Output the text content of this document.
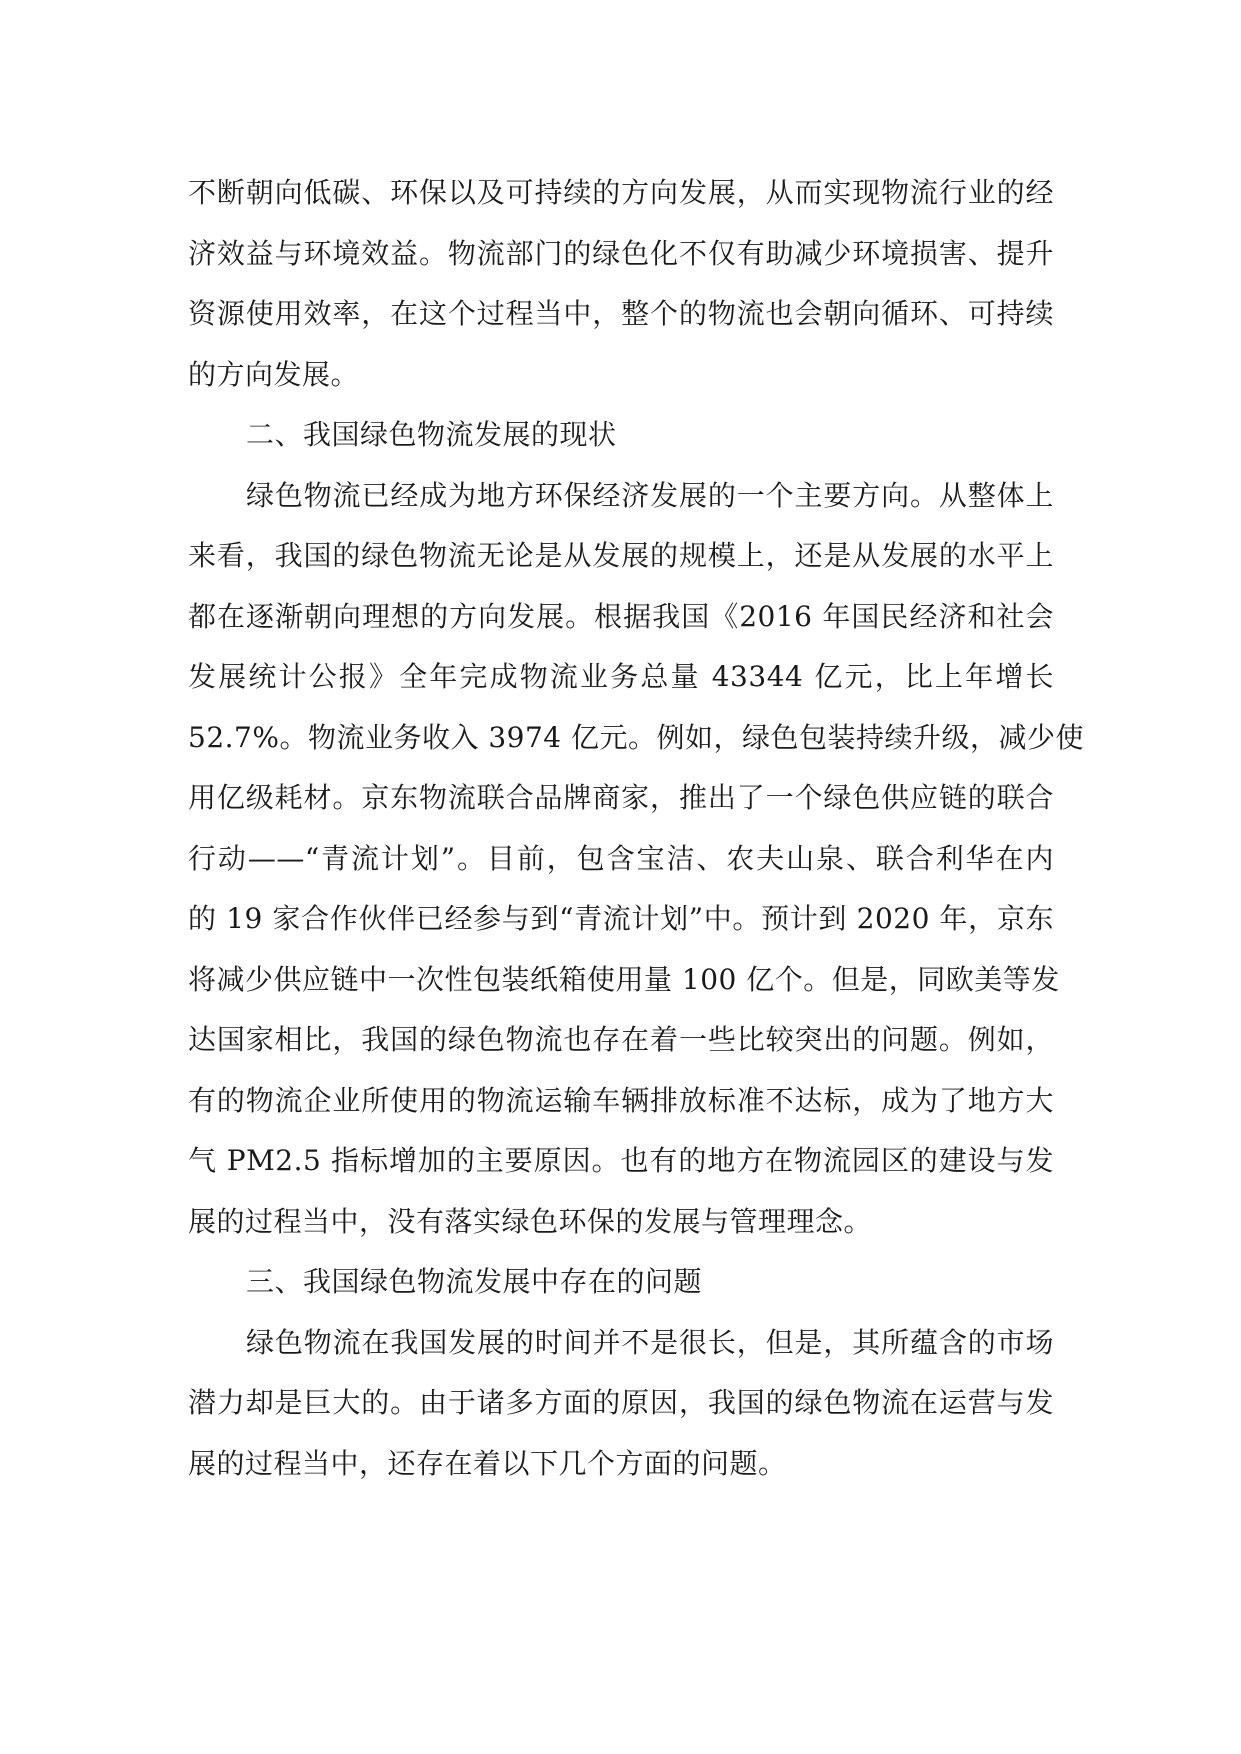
不断朝向低碳、环保以及可持续的方向发展，从而实现物流行业的经
济效益与环境效益。物流部门的绿色化不仅有助减少环境损害、提升
资源使用效率，在这个过程当中，整个的物流也会朝向循环、可持续
的方向发展。
二、我国绿色物流发展的现状
绿色物流已经成为地方环保经济发展的一个主要方向。从整体上
来看，我国的绿色物流无论是从发展的规模上，还是从发展的水平上
都在逐渐朝向理想的方向发展。根据我国《2016 年国民经济和社会
发展统计公报》全年完成物流业务总量 43344 亿元，比上年增长
52.7%。物流业务收入 3974 亿元。例如，绿色包装持续升级，减少使
用亿级耗材。京东物流联合品牌商家，推出了一个绿色供应链的联合
行动——“青流计划”。目前，包含宝洁、农夫山泉、联合利华在内
的 19 家合作伙伴已经参与到“青流计划”中。预计到 2020 年，京东
将减少供应链中一次性包装纸箱使用量 100 亿个。但是，同欧美等发
达国家相比，我国的绿色物流也存在着一些比较突出的问题。例如，
有的物流企业所使用的物流运输车辆排放标准不达标，成为了地方大
气 PM2.5 指标增加的主要原因。也有的地方在物流园区的建设与发
展的过程当中，没有落实绿色环保的发展与管理理念。
三、我国绿色物流发展中存在的问题
绿色物流在我国发展的时间并不是很长，但是，其所蕴含的市场
潜力却是巨大的。由于诸多方面的原因，我国的绿色物流在运营与发
展的过程当中，还存在着以下几个方面的问题。
